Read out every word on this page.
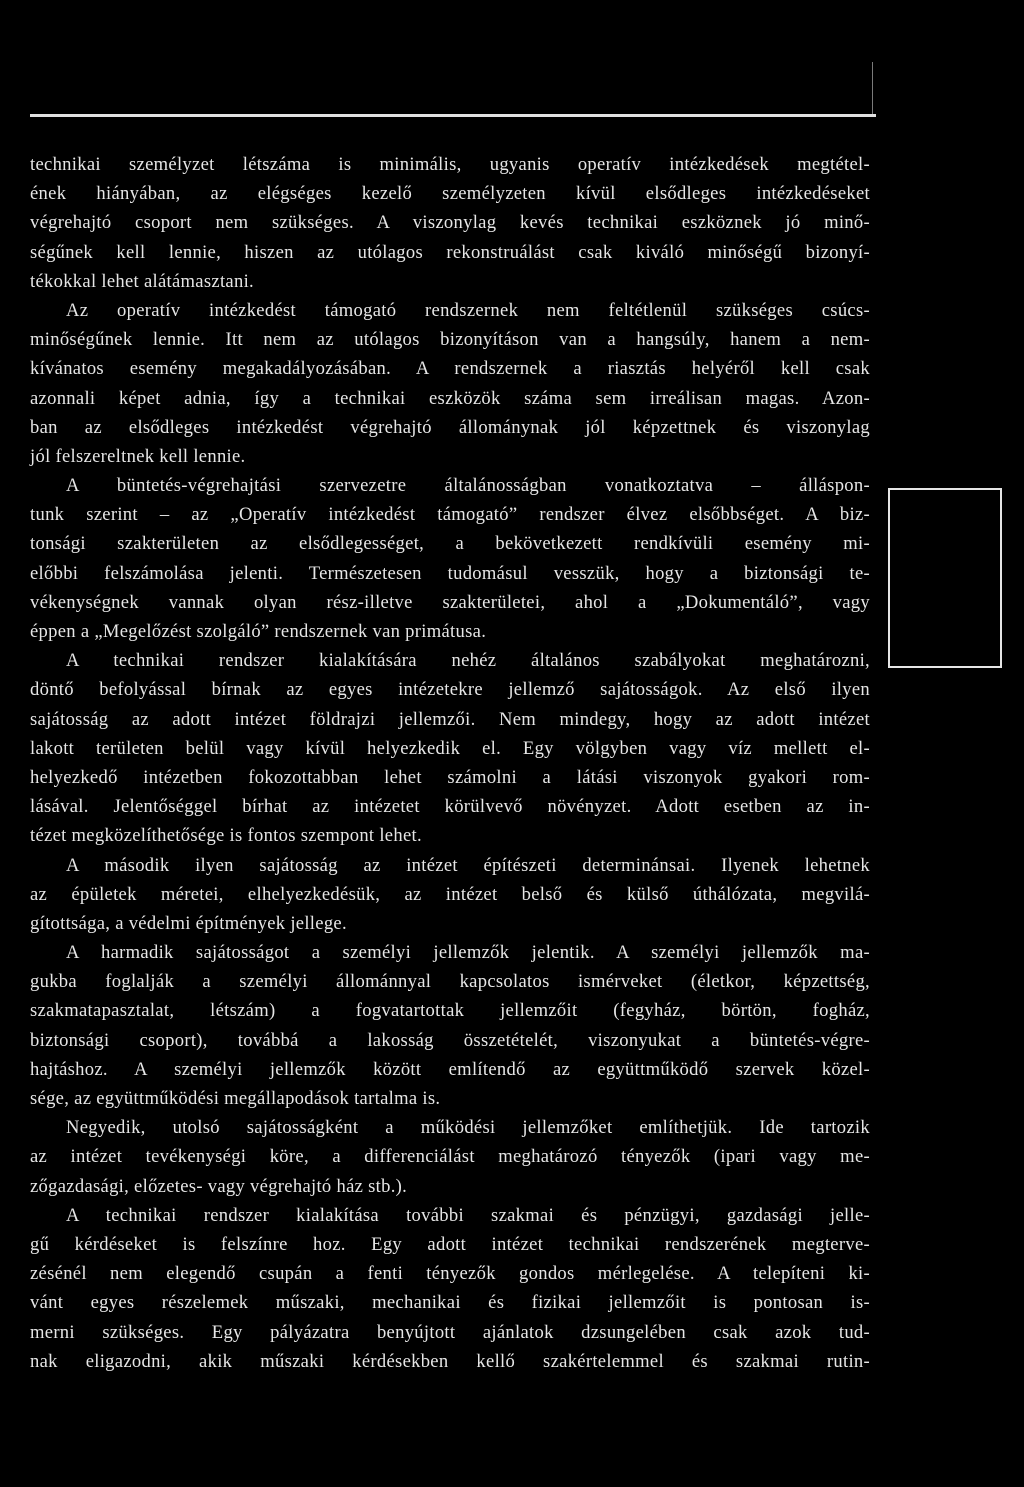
technikai személyzet létszáma is minimális, ugyanis operatív intézkedések megtétel-
ének hiányában, az elégséges kezelő személyzeten kívül elsődleges intézkedéseket
végrehajtó csoport nem szükséges. A viszonylag kevés technikai eszköznek jó minő-
ségűnek kell lennie, hiszen az utólagos rekonstruálást csak kiváló minőségű bizonyí-
tékokkal lehet alátámasztani.
Az operatív intézkedést támogató rendszernek nem feltétlenül szükséges csúcs-
minőségűnek lennie. Itt nem az utólagos bizonyításon van a hangsúly, hanem a nem-
kívánatos esemény megakadályozásában. A rendszernek a riasztás helyéről kell csak
azonnali képet adnia, így a technikai eszközök száma sem irreálisan magas. Azon-
ban az elsődleges intézkedést végrehajtó állománynak jól képzettnek és viszonylag
jól felszereltnek kell lennie.
A büntetés-végrehajtási szervezetre általánosságban vonatkoztatva – álláspon-
tunk szerint – az „Operatív intézkedést támogató” rendszer élvez elsőbbséget. A biz-
tonsági szakterületen az elsődlegességet, a bekövetkezett rendkívüli esemény mi-
előbbi felszámolása jelenti. Természetesen tudomásul vesszük, hogy a biztonsági te-
vékenységnek vannak olyan rész-illetve szakterületei, ahol a „Dokumentáló”, vagy
éppen a „Megelőzést szolgáló” rendszernek van primátusa.
A technikai rendszer kialakítására nehéz általános szabályokat meghatározni,
döntő befolyással bírnak az egyes intézetekre jellemző sajátosságok. Az első ilyen
sajátosság az adott intézet földrajzi jellemzői. Nem mindegy, hogy az adott intézet
lakott területen belül vagy kívül helyezkedik el. Egy völgyben vagy víz mellett el-
helyezkedő intézetben fokozottabban lehet számolni a látási viszonyok gyakori rom-
lásával. Jelentőséggel bírhat az intézetet körülvevő növényzet. Adott esetben az in-
tézet megközelíthetősége is fontos szempont lehet.
A második ilyen sajátosság az intézet építészeti determinánsai. Ilyenek lehetnek
az épületek méretei, elhelyezkedésük, az intézet belső és külső úthálózata, megvilá-
gítottsága, a védelmi építmények jellege.
A harmadik sajátosságot a személyi jellemzők jelentik. A személyi jellemzők ma-
gukba foglalják a személyi állománnyal kapcsolatos ismérveket (életkor, képzettség,
szakmatapasztalat, létszám) a fogvatartottak jellemzőit (fegyház, börtön, fogház,
biztonsági csoport), továbbá a lakosság összetételét, viszonyukat a büntetés-végre-
hajtáshoz. A személyi jellemzők között említendő az együttműködő szervek közel-
sége, az együttműködési megállapodások tartalma is.
Negyedik, utolsó sajátosságként a működési jellemzőket említhetjük. Ide tartozik
az intézet tevékenységi köre, a differenciálást meghatározó tényezők (ipari vagy me-
zőgazdasági, előzetes- vagy végrehajtó ház stb.).
A technikai rendszer kialakítása további szakmai és pénzügyi, gazdasági jelle-
gű kérdéseket is felszínre hoz. Egy adott intézet technikai rendszerének megterve-
zésénél nem elegendő csupán a fenti tényezők gondos mérlegelése. A telepíteni ki-
vánt egyes részelemek műszaki, mechanikai és fizikai jellemzőit is pontosan is-
merni szükséges. Egy pályázatra benyújtott ajánlatok dzsungelében csak azok tud-
nak eligazodni, akik műszaki kérdésekben kellő szakértelemmel és szakmai rutin-
